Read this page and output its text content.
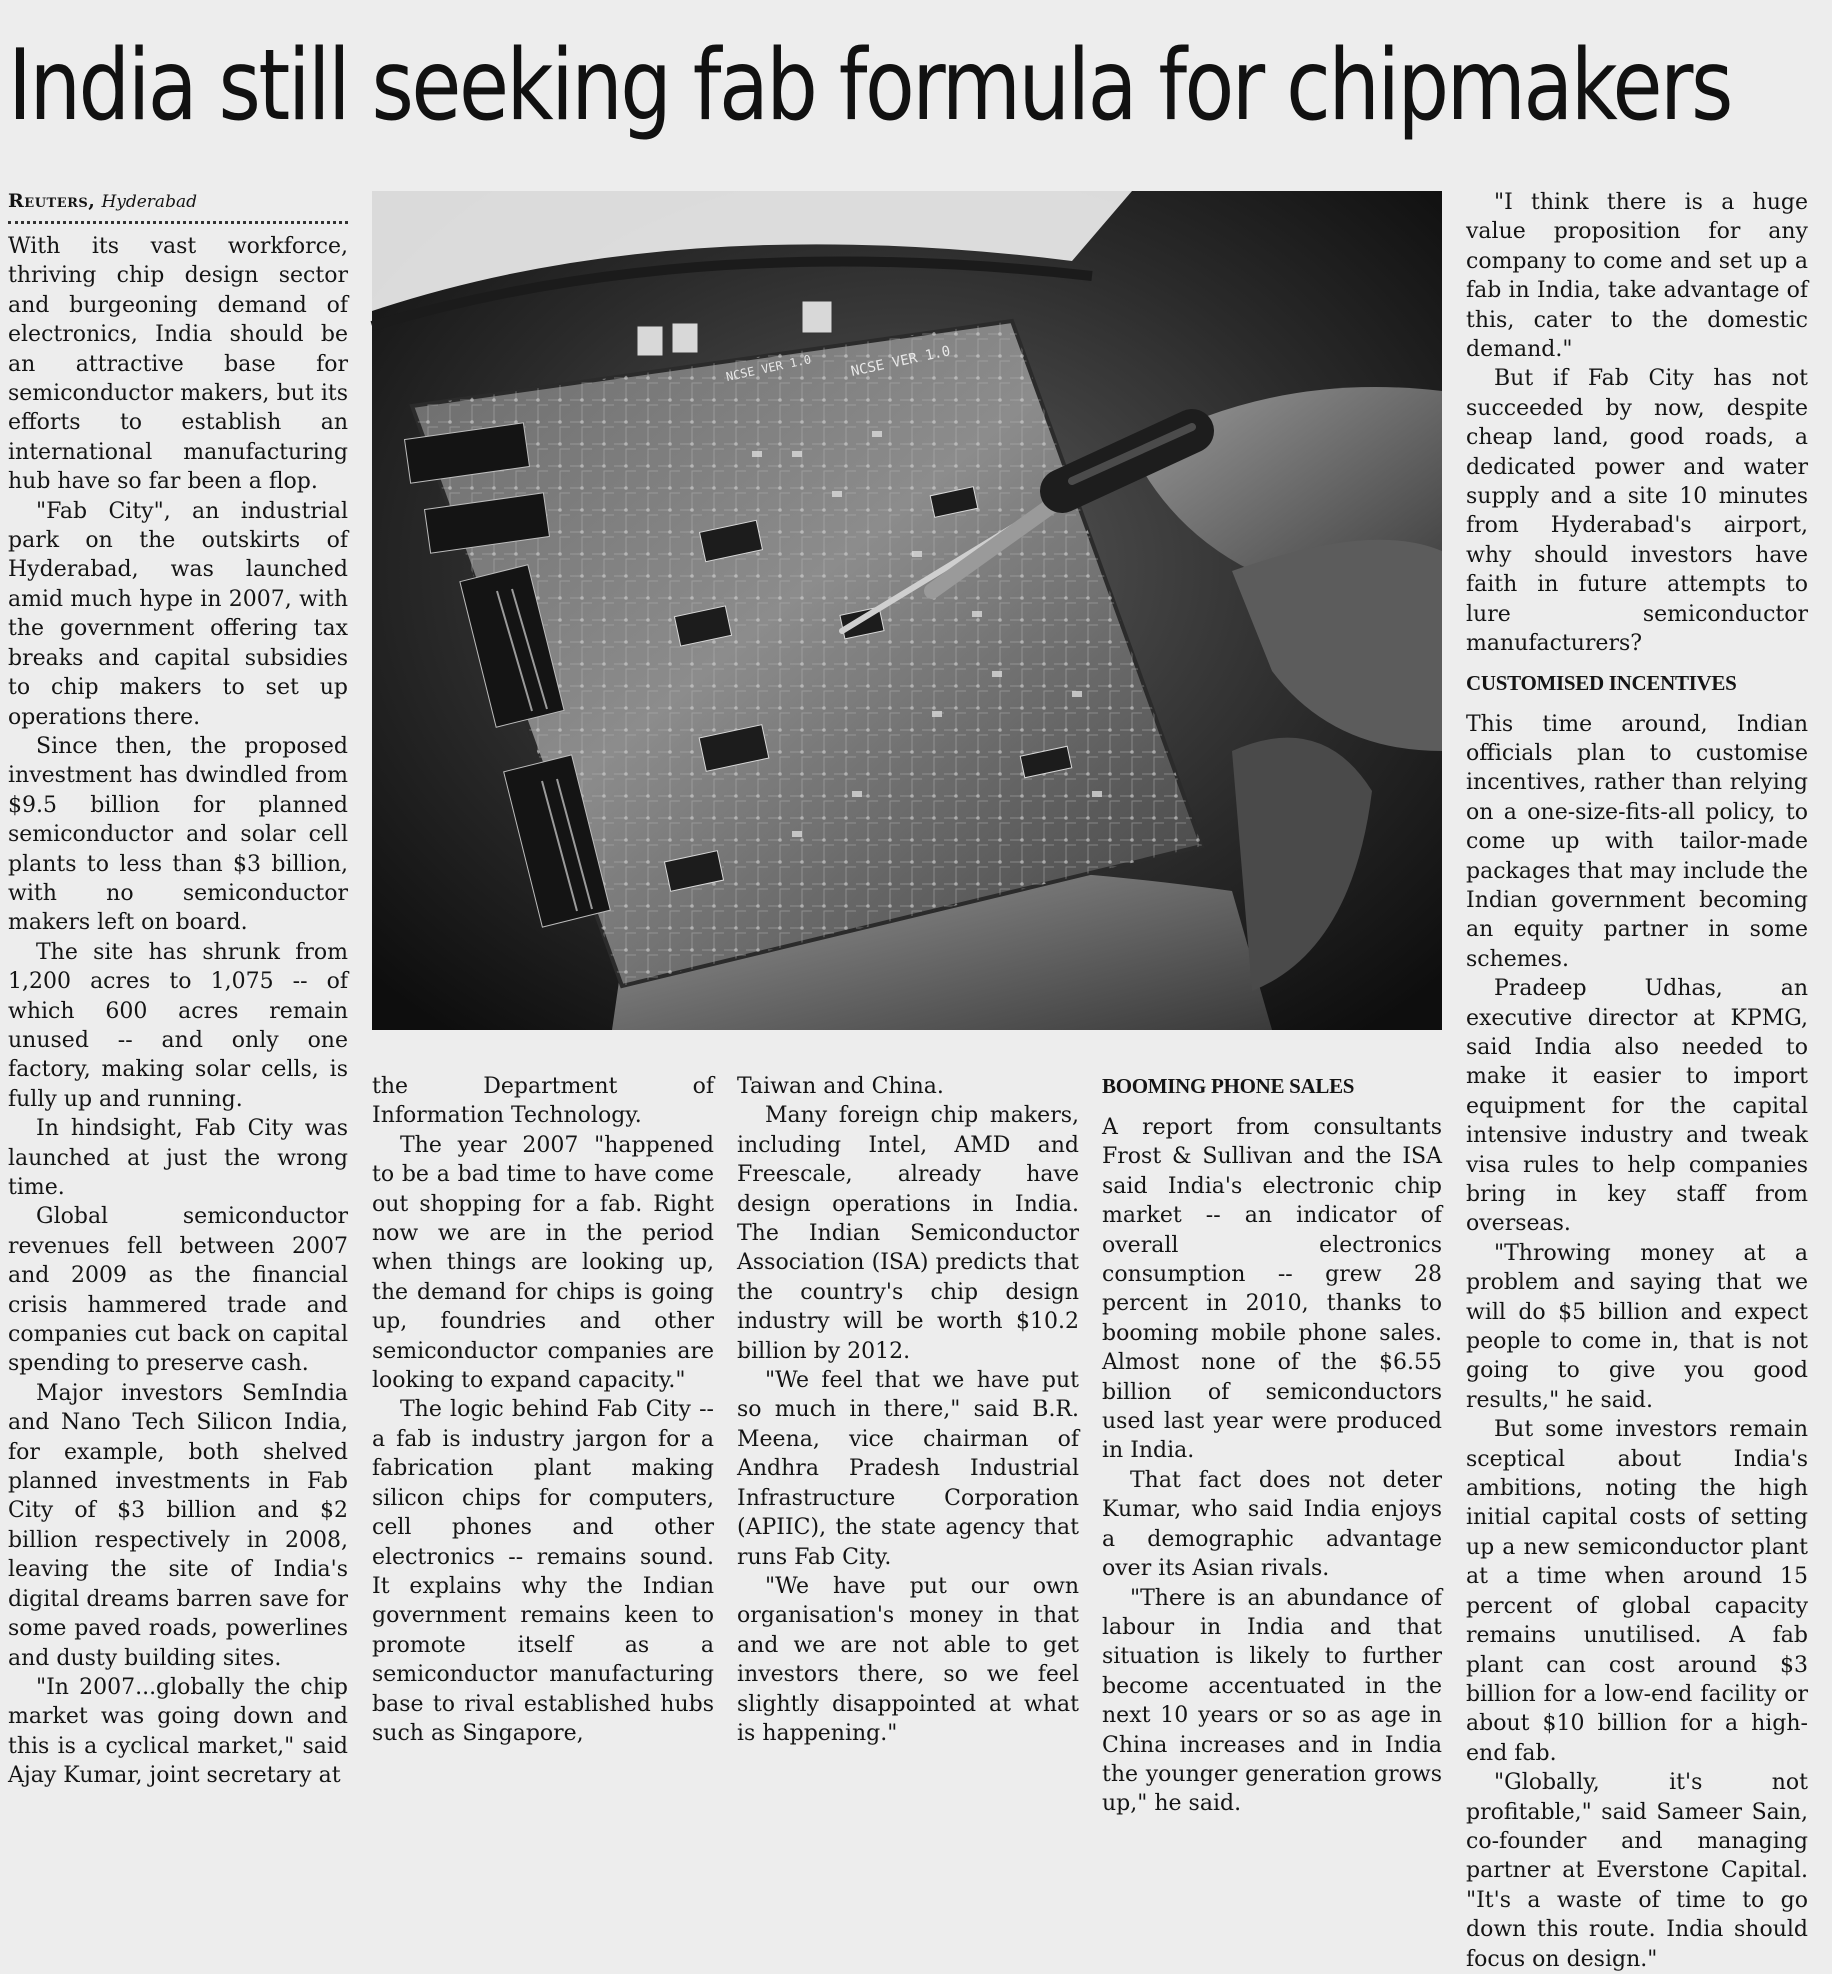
India still seeking fab formula for chipmakers
Reuters, Hyderabad

With its vast workforce, thriving chip design sector and burgeoning demand of electronics, India should be an attractive base for semiconductor makers, but its efforts to establish an international manufacturing hub have so far been a flop.

"Fab City", an industrial park on the outskirts of Hyderabad, was launched amid much hype in 2007, with the government offering tax breaks and capital subsidies to chip makers to set up operations there.

Since then, the proposed investment has dwindled from $9.5 billion for planned semiconductor and solar cell plants to less than $3 billion, with no semiconductor makers left on board.

The site has shrunk from 1,200 acres to 1,075 -- of which 600 acres remain unused -- and only one factory, making solar cells, is fully up and running.

In hindsight, Fab City was launched at just the wrong time.

Global semiconductor revenues fell between 2007 and 2009 as the financial crisis hammered trade and companies cut back on capital spending to preserve cash.

Major investors SemIndia and Nano Tech Silicon India, for example, both shelved planned investments in Fab City of $3 billion and $2 billion respectively in 2008, leaving the site of India's digital dreams barren save for some paved roads, powerlines and dusty building sites.

"In 2007...globally the chip market was going down and this is a cyclical market," said Ajay Kumar, joint secretary at

NCSE VER 1.0
NCSE VER 1.0

the Department of Information Technology.

The year 2007 "happened to be a bad time to have come out shopping for a fab. Right now we are in the period when things are looking up, the demand for chips is going up, foundries and other semiconductor companies are looking to expand capacity."

The logic behind Fab City -- a fab is industry jargon for a fabrication plant making silicon chips for computers, cell phones and other electronics -- remains sound. It explains why the Indian government remains keen to promote itself as a semiconductor manufacturing base to rival established hubs such as Singapore,

Taiwan and China.

Many foreign chip makers, including Intel, AMD and Freescale, already have design operations in India. The Indian Semiconductor Association (ISA) predicts that the country's chip design industry will be worth $10.2 billion by 2012.

"We feel that we have put so much in there," said B.R. Meena, vice chairman of Andhra Pradesh Industrial Infrastructure Corporation (APIIC), the state agency that runs Fab City.

"We have put our own organisation's money in that and we are not able to get investors there, so we feel slightly disappointed at what is happening."

BOOMING PHONE SALES

A report from consultants Frost & Sullivan and the ISA said India's electronic chip market -- an indicator of overall electronics consumption -- grew 28 percent in 2010, thanks to booming mobile phone sales. Almost none of the $6.55 billion of semiconductors used last year were produced in India.

That fact does not deter Kumar, who said India enjoys a demographic advantage over its Asian rivals.

"There is an abundance of labour in India and that situation is likely to further become accentuated in the next 10 years or so as age in China increases and in India the younger generation grows up," he said.

"I think there is a huge value proposition for any company to come and set up a fab in India, take advantage of this, cater to the domestic demand."

But if Fab City has not succeeded by now, despite cheap land, good roads, a dedicated power and water supply and a site 10 minutes from Hyderabad's airport, why should investors have faith in future attempts to lure semiconductor manufacturers?

CUSTOMISED INCENTIVES

This time around, Indian officials plan to customise incentives, rather than relying on a one-size-fits-all policy, to come up with tailor-made packages that may include the Indian government becoming an equity partner in some schemes.

Pradeep Udhas, an executive director at KPMG, said India also needed to make it easier to import equipment for the capital intensive industry and tweak visa rules to help companies bring in key staff from overseas.

"Throwing money at a problem and saying that we will do $5 billion and expect people to come in, that is not going to give you good results," he said.

But some investors remain sceptical about India's ambitions, noting the high initial capital costs of setting up a new semiconductor plant at a time when around 15 percent of global capacity remains unutilised. A fab plant can cost around $3 billion for a low-end facility or about $10 billion for a high-end fab.

"Globally, it's not profitable," said Sameer Sain, co-founder and managing partner at Everstone Capital. "It's a waste of time to go down this route. India should focus on design."
